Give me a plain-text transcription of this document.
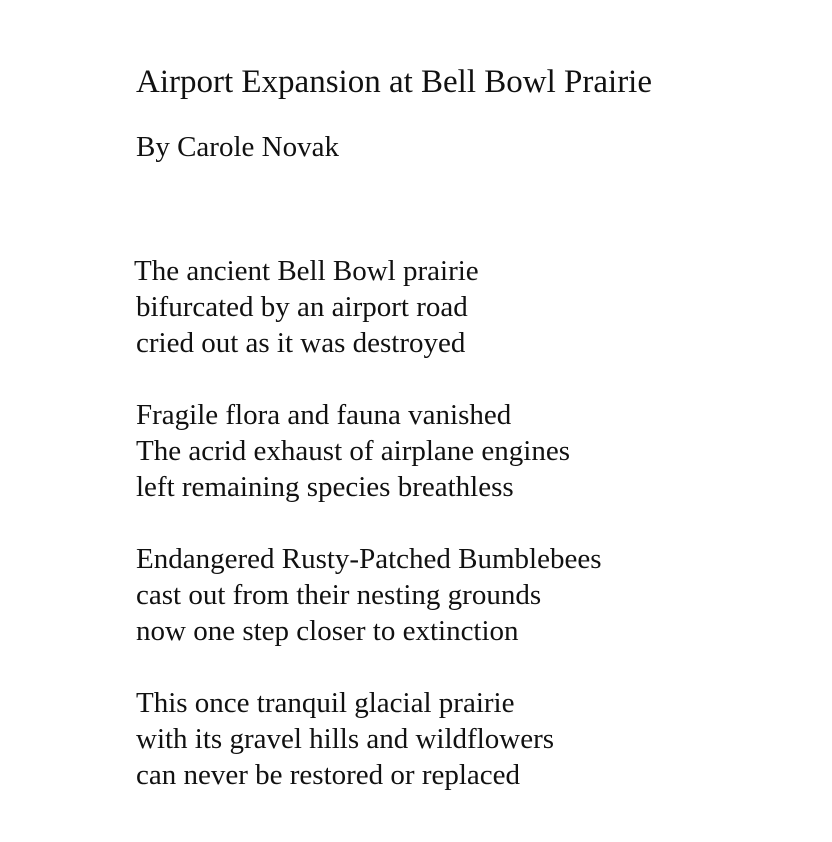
Airport Expansion at Bell Bowl Prairie
By Carole Novak
The ancient Bell Bowl prairie
bifurcated by an airport road
cried out as it was destroyed
Fragile flora and fauna vanished
The acrid exhaust of airplane engines
left remaining species breathless
Endangered Rusty-Patched Bumblebees
cast out from their nesting grounds
now one step closer to extinction
This once tranquil glacial prairie
with its gravel hills and wildflowers
can never be restored or replaced
